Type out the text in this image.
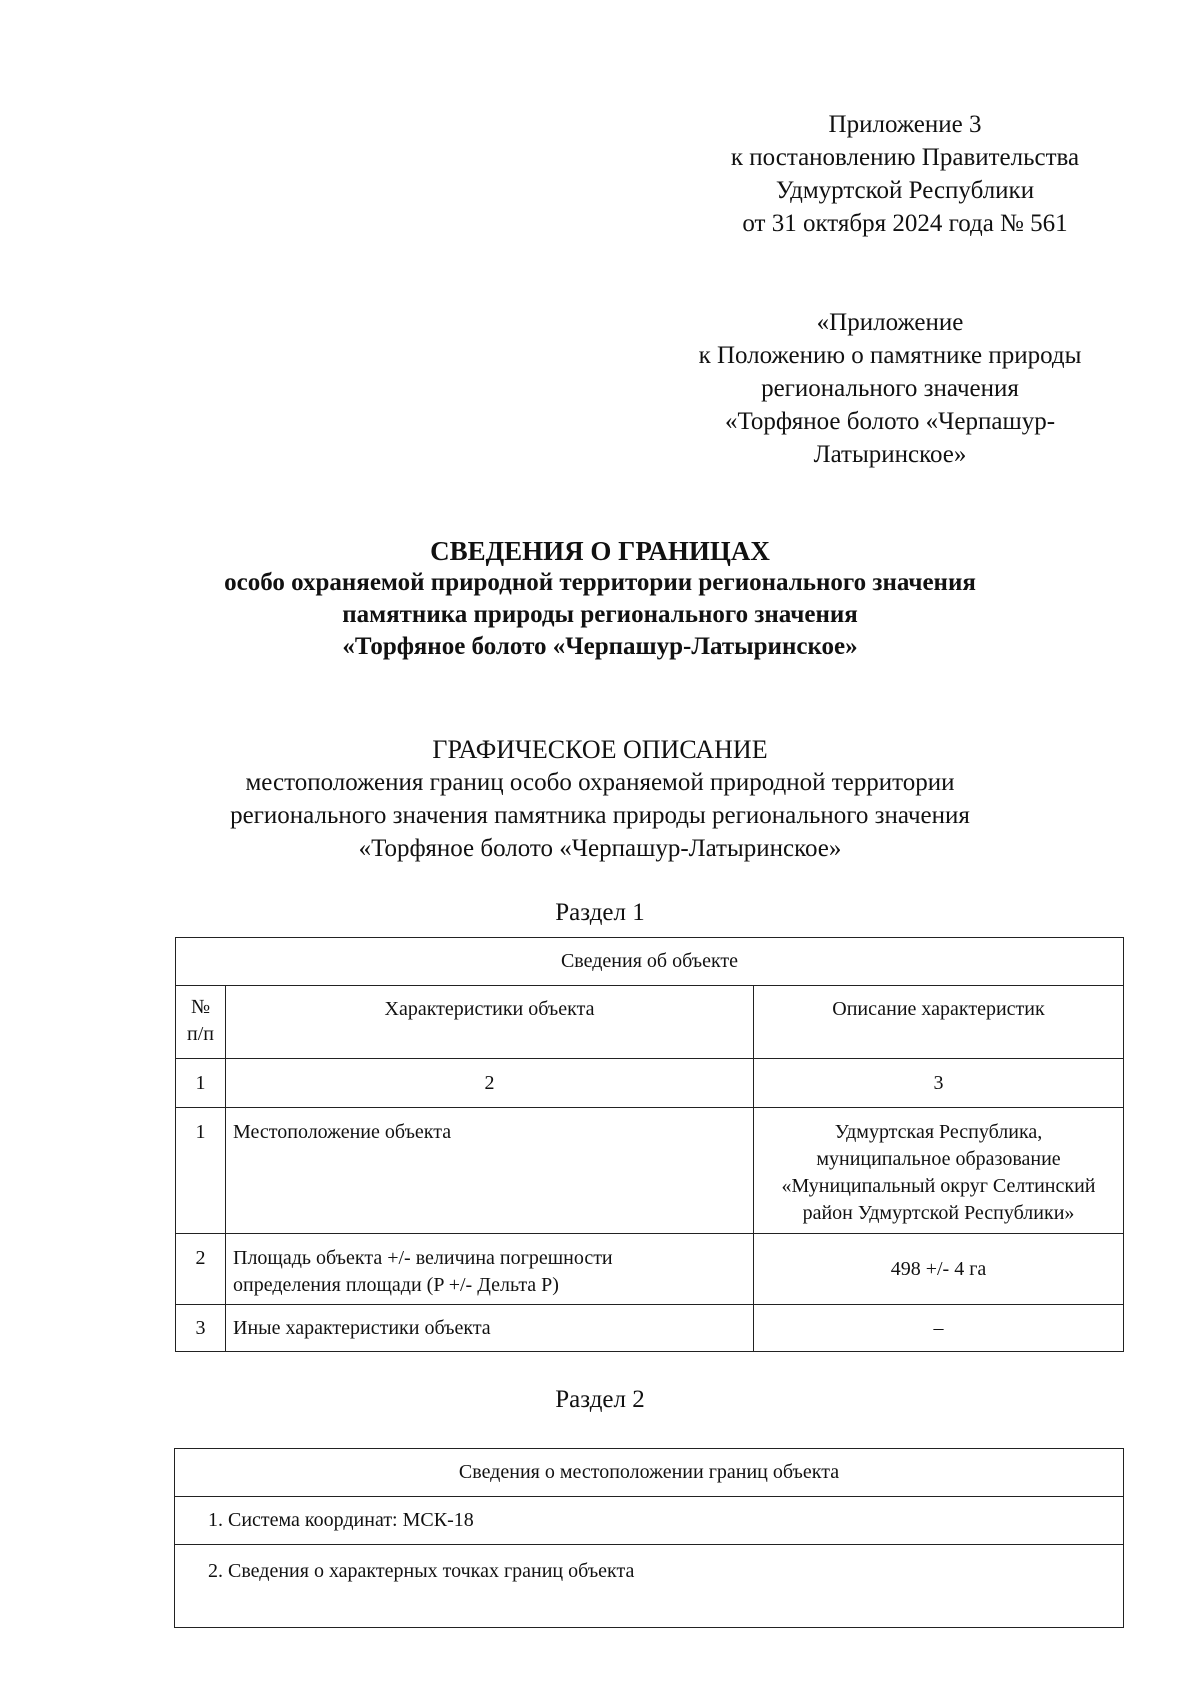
Приложение 3
к постановлению Правительства
Удмуртской Республики
от 31 октября 2024 года № 561
«Приложение
к Положению о памятнике природы
регионального значения
«Торфяное болото «Черпашур-
Латыринское»
СВЕДЕНИЯ О ГРАНИЦАХ
особо охраняемой природной территории регионального значения
памятника природы регионального значения
«Торфяное болото «Черпашур-Латыринское»
ГРАФИЧЕСКОЕ ОПИСАНИЕ
местоположения границ особо охраняемой природной территории
регионального значения памятника природы регионального значения
«Торфяное болото «Черпашур-Латыринское»
Раздел 1
Сведения об объекте		

№
п/п	Характеристики объекта	Описание характеристик
1	2	3
1	Местоположение объекта	Удмуртская Республика,
муниципальное образование
«Муниципальный округ Селтинский
район Удмуртской Республики»

2	Площадь объекта +/- величина погрешности
определения площади (P +/- Дельта P)	498 +/- 4 га
3	Иные характеристики объекта	–
Раздел 2
Сведения о местоположении границ объекта
1. Система координат: МСК-18
2. Сведения о характерных точках границ объекта
